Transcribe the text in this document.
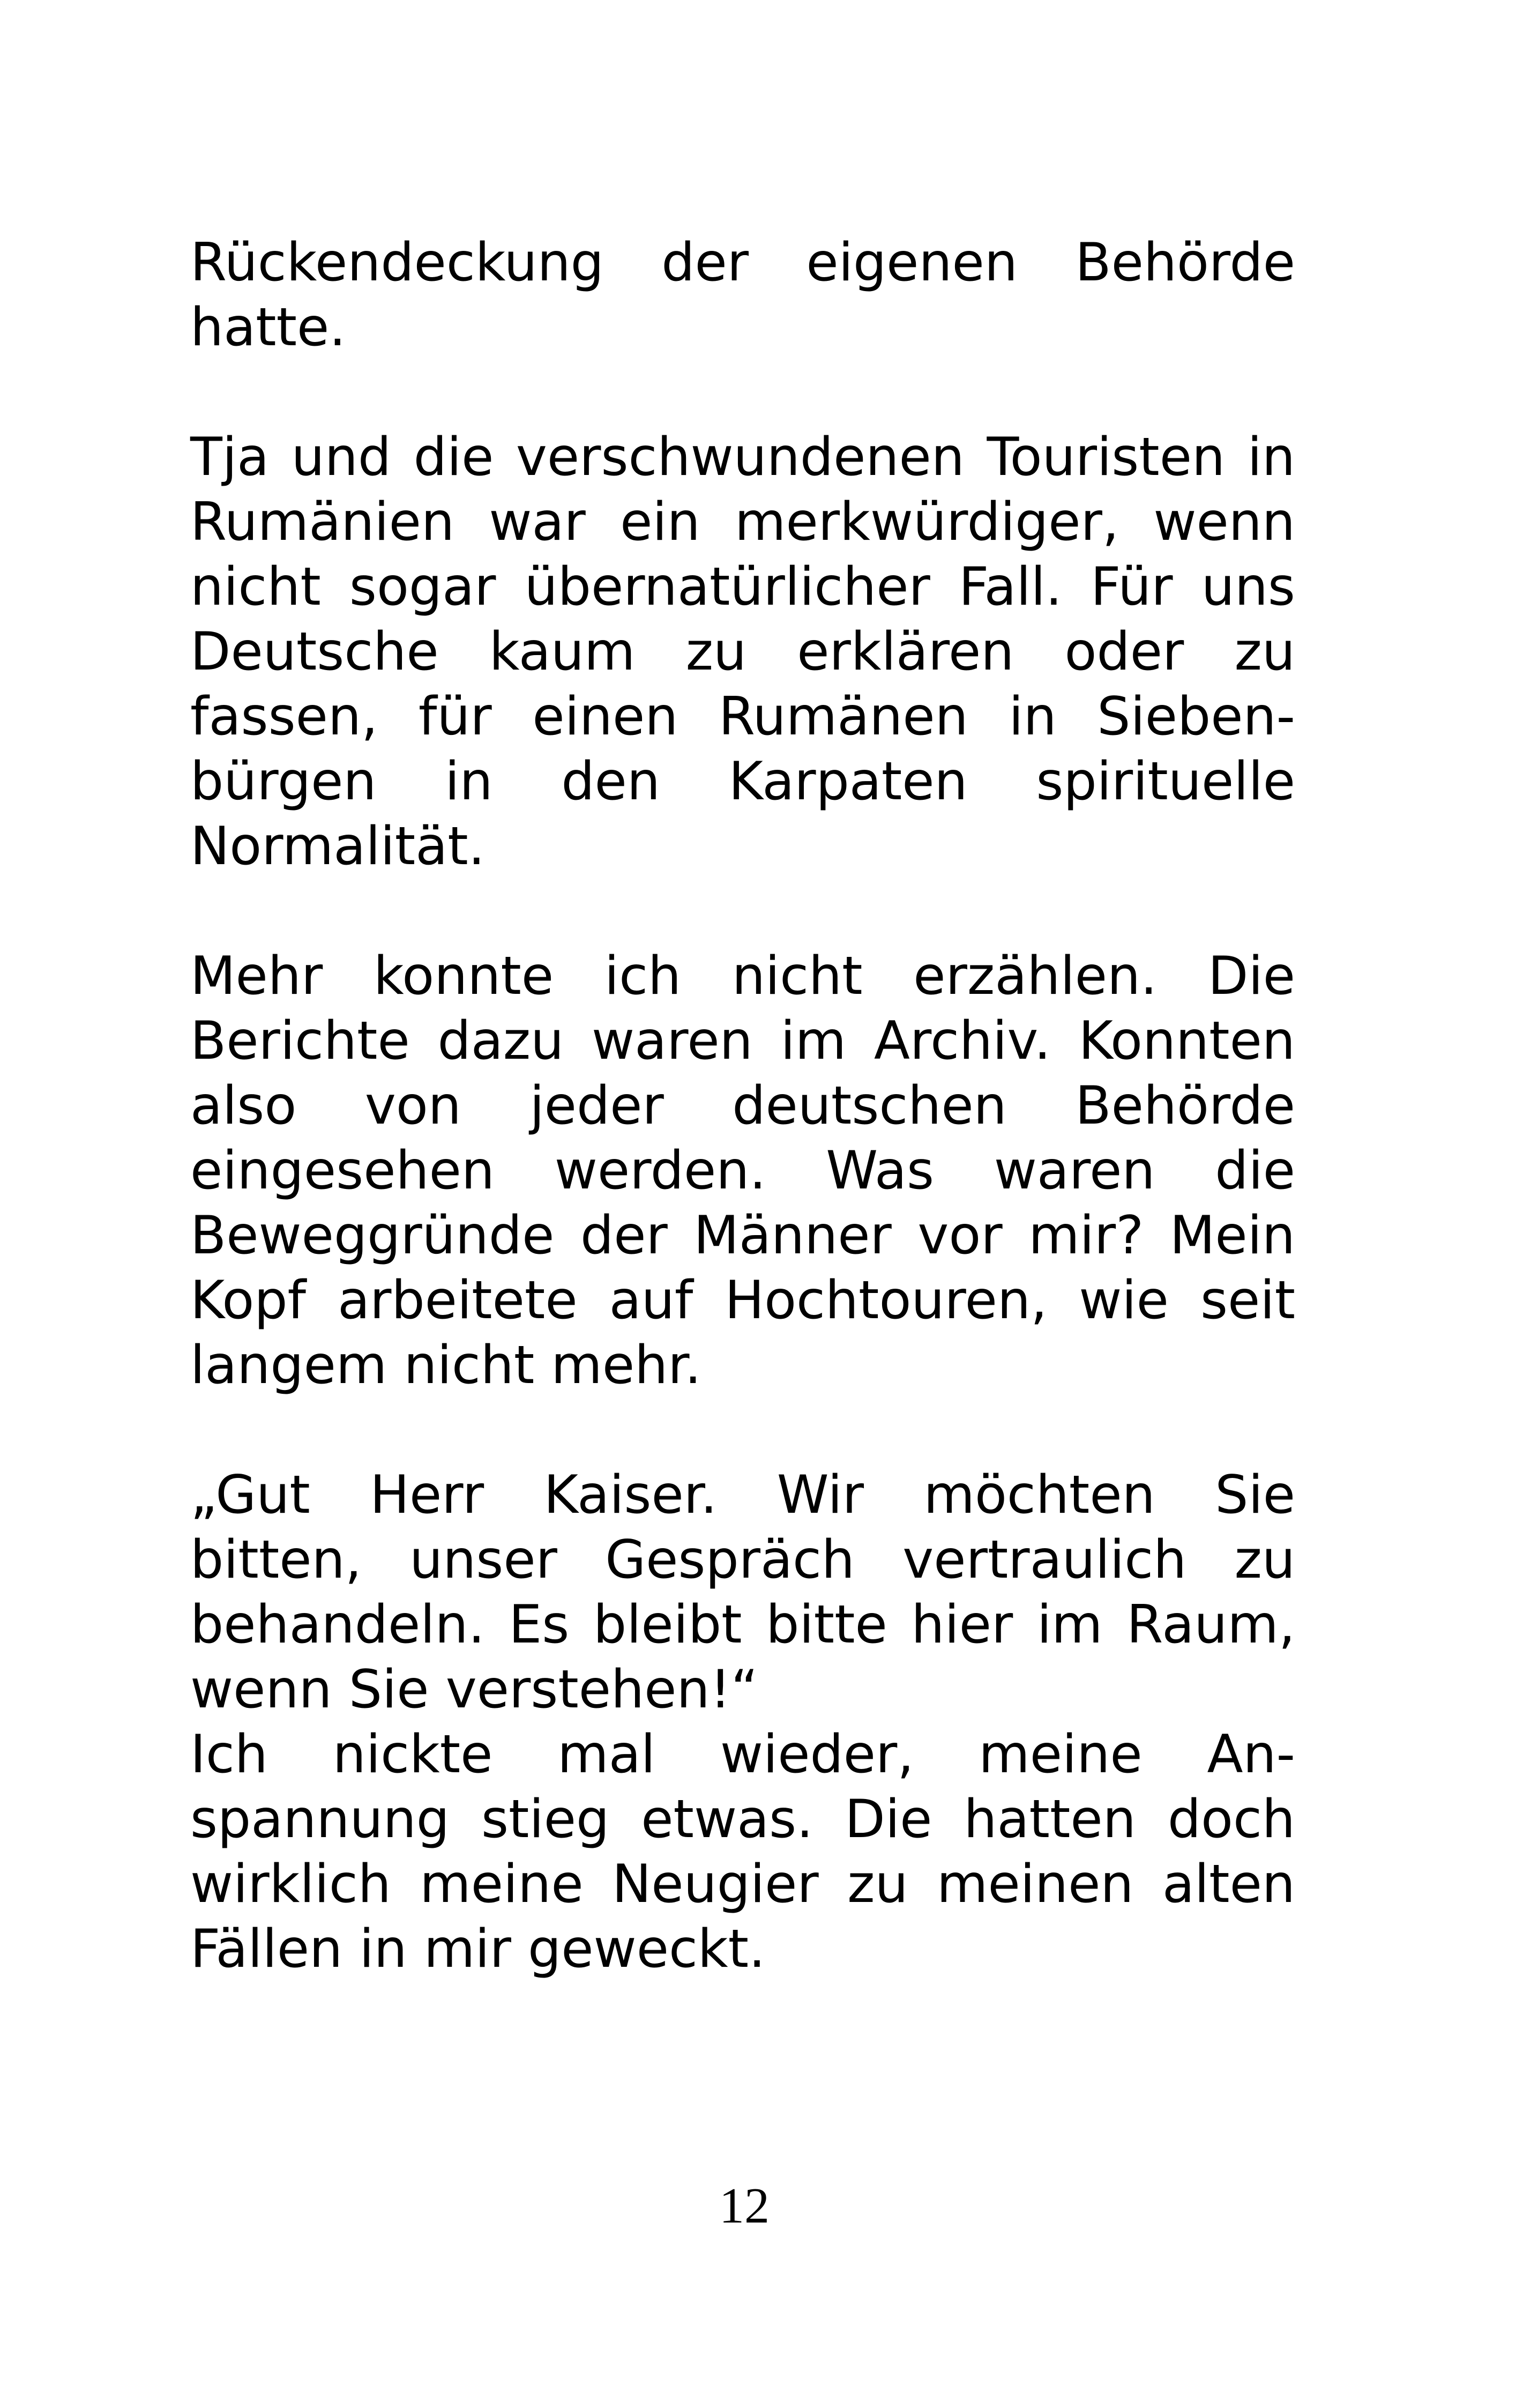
Rückendeckung der eigenen Behörde
hatte.
Tja und die verschwundenen Touristen in
Rumänien war ein merkwürdiger, wenn
nicht sogar übernatürlicher Fall. Für uns
Deutsche kaum zu erklären oder zu
fassen, für einen Rumänen in Sieben-
bürgen in den Karpaten spirituelle
Normalität.
Mehr konnte ich nicht erzählen. Die
Berichte dazu waren im Archiv. Konnten
also von jeder deutschen Behörde
eingesehen werden. Was waren die
Beweggründe der Männer vor mir? Mein
Kopf arbeitete auf Hochtouren, wie seit
langem nicht mehr.
„Gut Herr Kaiser. Wir möchten Sie
bitten, unser Gespräch vertraulich zu
behandeln. Es bleibt bitte hier im Raum,
wenn Sie verstehen!“
Ich nickte mal wieder, meine An-
spannung stieg etwas. Die hatten doch
wirklich meine Neugier zu meinen alten
Fällen in mir geweckt.
12
